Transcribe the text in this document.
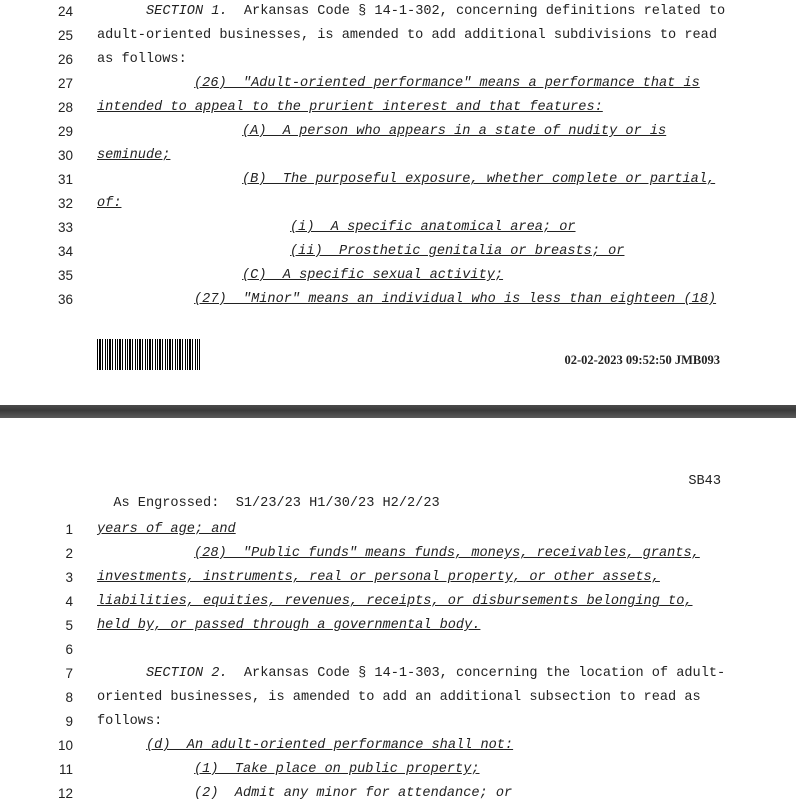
02-02-2023 09:52:50 JMB093

As Engrossed:  S1/23/23 H1/30/23 H2/2/23

SB43

24	SECTION 1.  Arkansas Code § 14-1-302, concerning definitions related to
25 adult-oriented businesses, is amended to add additional subdivisions to read
26 as follows:
27	(26)  "Adult-oriented performance" means a performance that is
28 intended to appeal to the prurient interest and that features:
29	(A)  A person who appears in a state of nudity or is
30 seminude;
31	(B)  The purposeful exposure, whether complete or partial,
32 of:
33	(i)  A specific anatomical area; or
34	(ii)  Prosthetic genitalia or breasts; or
35	(C)  A specific sexual activity;
36	(27)  "Minor" means an individual who is less than eighteen (18)
1 years of age; and
2	(28)  "Public funds" means funds, moneys, receivables, grants,
3 investments, instruments, real or personal property, or other assets,
4 liabilities, equities, revenues, receipts, or disbursements belonging to,
5 held by, or passed through a governmental body.
6
7	SECTION 2.  Arkansas Code § 14-1-303, concerning the location of adult-
8 oriented businesses, is amended to add an additional subsection to read as
9 follows:
10	(d)  An adult-oriented performance shall not:
11	(1)  Take place on public property;
12	(2)  Admit any minor for attendance; or
